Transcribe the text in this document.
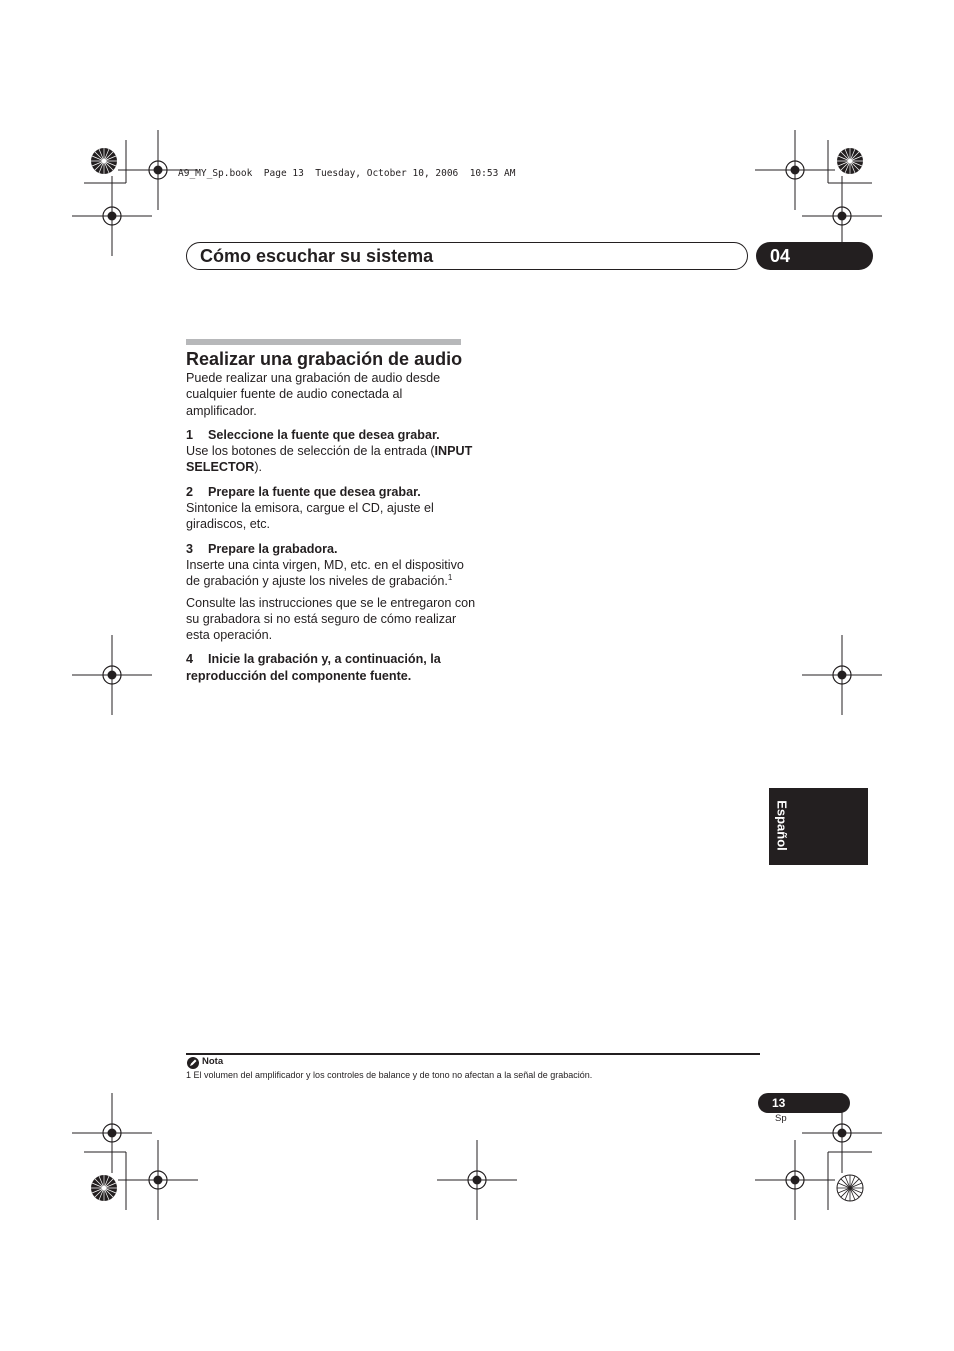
A9_MY_Sp.book  Page 13  Tuesday, October 10, 2006  10:53 AM
Cómo escuchar su sistema	04
Realizar una grabación de audio

Puede realizar una grabación de audio desde cualquier fuente de audio conectada al amplificador.

1 Seleccione la fuente que desea grabar.

Use los botones de selección de la entrada (INPUT SELECTOR).

2 Prepare la fuente que desea grabar.

Sintonice la emisora, cargue el CD, ajuste el giradiscos, etc.

3 Prepare la grabadora.

Inserte una cinta virgen, MD, etc. en el dispositivo de grabación y ajuste los niveles de grabación.$^1$

Consulte las instrucciones que se le entregaron con su grabadora si no está seguro de cómo realizar esta operación.

4 Inicie la grabación y, a continuación, la reproducción del componente fuente.

Español
Nota
1 El volumen del amplificador y los controles de balance y de tono no afectan a la señal de grabación.
13
Sp
